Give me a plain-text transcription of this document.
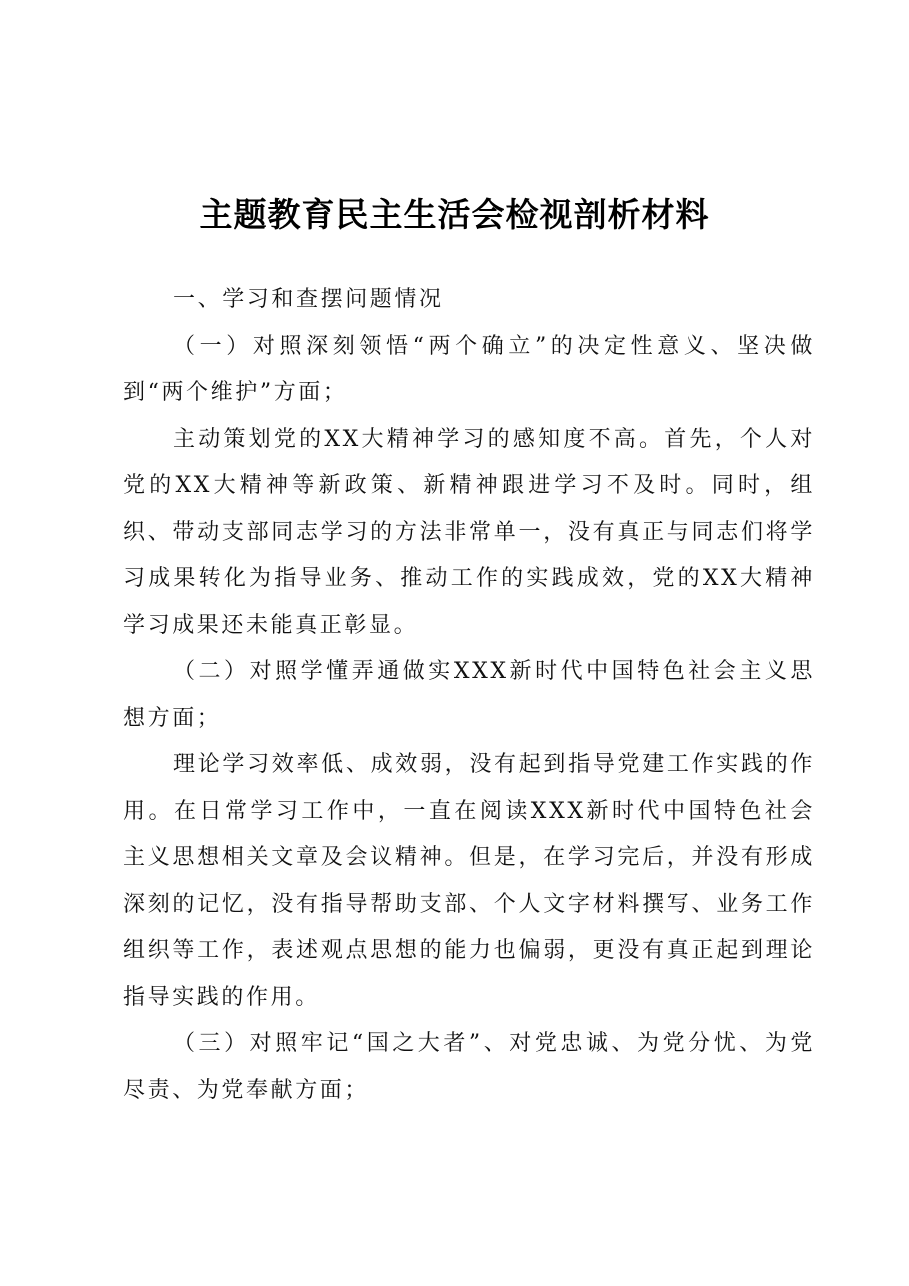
主题教育民主生活会检视剖析材料

一、学习和查摆问题情况

（一）对照深刻领悟“两个确立”的决定性意义、坚决做到“两个维护”方面；

主动策划党的XX大精神学习的感知度不高。首先，个人对党的XX大精神等新政策、新精神跟进学习不及时。同时，组织、带动支部同志学习的方法非常单一，没有真正与同志们将学习成果转化为指导业务、推动工作的实践成效，党的XX大精神学习成果还未能真正彰显。

（二）对照学懂弄通做实XXX新时代中国特色社会主义思想方面；

理论学习效率低、成效弱，没有起到指导党建工作实践的作用。在日常学习工作中，一直在阅读XXX新时代中国特色社会主义思想相关文章及会议精神。但是，在学习完后，并没有形成深刻的记忆，没有指导帮助支部、个人文字材料撰写、业务工作组织等工作，表述观点思想的能力也偏弱，更没有真正起到理论指导实践的作用。

（三）对照牢记“国之大者”、对党忠诚、为党分忧、为党尽责、为党奉献方面；
